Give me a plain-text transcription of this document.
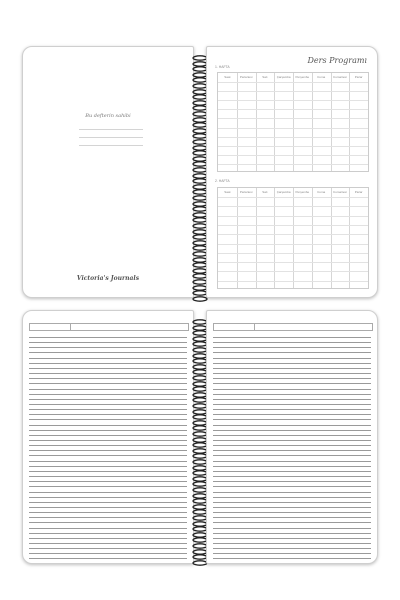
Bu defterin sahibi
Victoria's Journals
Ders Programı
1. HAFTA
Saat	Pazartesi	Salı	Çarşamba	Perşembe	Cuma	Cumartesi	Pazar
2. HAFTA
Saat	Pazartesi	Salı	Çarşamba	Perşembe	Cuma	Cumartesi	Pazar
